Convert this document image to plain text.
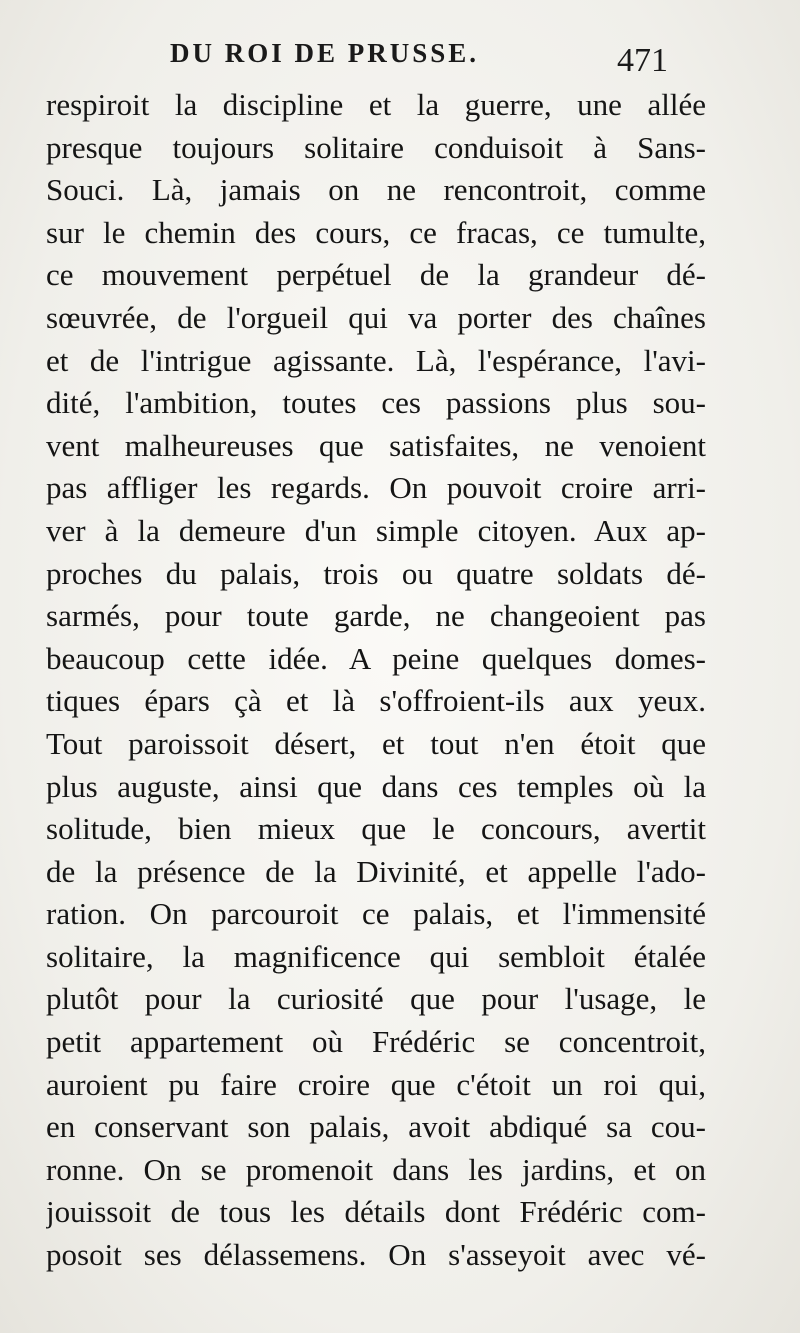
DU ROI DE PRUSSE.	471
respiroit la discipline et la guerre, une allée
presque toujours solitaire conduisoit à Sans-
Souci. Là, jamais on ne rencontroit, comme
sur le chemin des cours, ce fracas, ce tumulte,
ce mouvement perpétuel de la grandeur dé-
sœuvrée, de l'orgueil qui va porter des chaînes
et de l'intrigue agissante. Là, l'espérance, l'avi-
dité, l'ambition, toutes ces passions plus sou-
vent malheureuses que satisfaites, ne venoient
pas affliger les regards. On pouvoit croire arri-
ver à la demeure d'un simple citoyen. Aux ap-
proches du palais, trois ou quatre soldats dé-
sarmés, pour toute garde, ne changeoient pas
beaucoup cette idée. A peine quelques domes-
tiques épars çà et là s'offroient-ils aux yeux.
Tout paroissoit désert, et tout n'en étoit que
plus auguste, ainsi que dans ces temples où la
solitude, bien mieux que le concours, avertit
de la présence de la Divinité, et appelle l'ado-
ration. On parcouroit ce palais, et l'immensité
solitaire, la magnificence qui sembloit étalée
plutôt pour la curiosité que pour l'usage, le
petit appartement où Frédéric se concentroit,
auroient pu faire croire que c'étoit un roi qui,
en conservant son palais, avoit abdiqué sa cou-
ronne. On se promenoit dans les jardins, et on
jouissoit de tous les détails dont Frédéric com-
posoit ses délassemens. On s'asseyoit avec vé-
